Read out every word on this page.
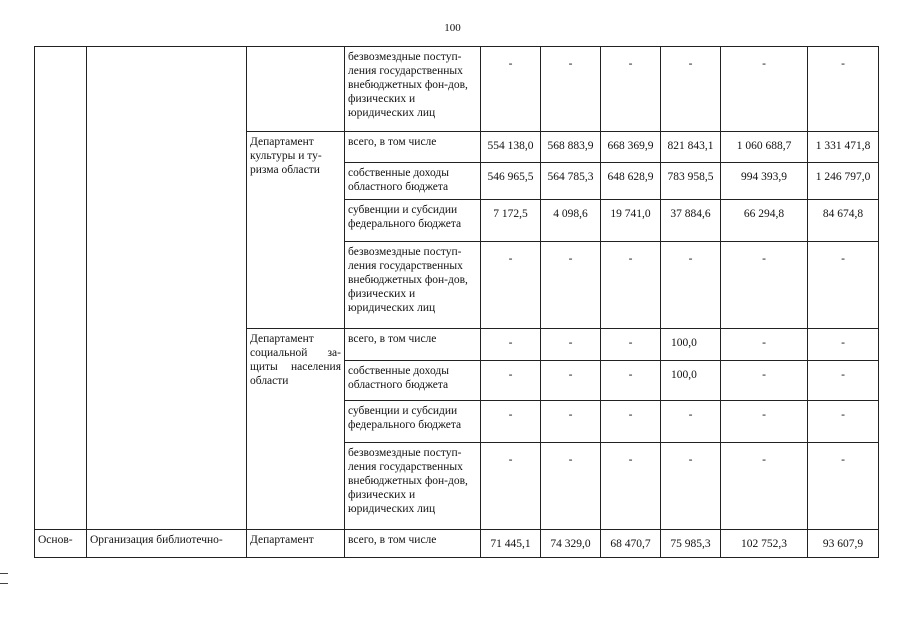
100
			безвозмездные поступ-ления государственных внебюджетных фон-дов, физических и юридических лиц	-	-	-	-	-	-
		Департамент культуры и ту-ризма области	всего, в том числе	554 138,0	568 883,9	668 369,9	821 843,1	1 060 688,7	1 331 471,8
			собственные доходы областного бюджета	546 965,5	564 785,3	648 628,9	783 958,5	994 393,9	1 246 797,0
			субвенции и субсидии федерального бюджета	7 172,5	4 098,6	19 741,0	37 884,6	66 294,8	84 674,8
			безвозмездные поступ-ления государственных внебюджетных фон-дов, физических и юридических лиц	-	-	-	-	-	-
		Департамент социальной за-щиты населения области	всего, в том числе	-	-	-	100,0	-	-
			собственные доходы областного бюджета	-	-	-	100,0	-	-
			субвенции и субсидии федерального бюджета	-	-	-	-	-	-
			безвозмездные поступ-ления государственных внебюджетных фон-дов, физических и юридических лиц	-	-	-	-	-	-
Основ-	Организация библиотечно-	Департамент	всего, в том числе	71 445,1	74 329,0	68 470,7	75 985,3	102 752,3	93 607,9
